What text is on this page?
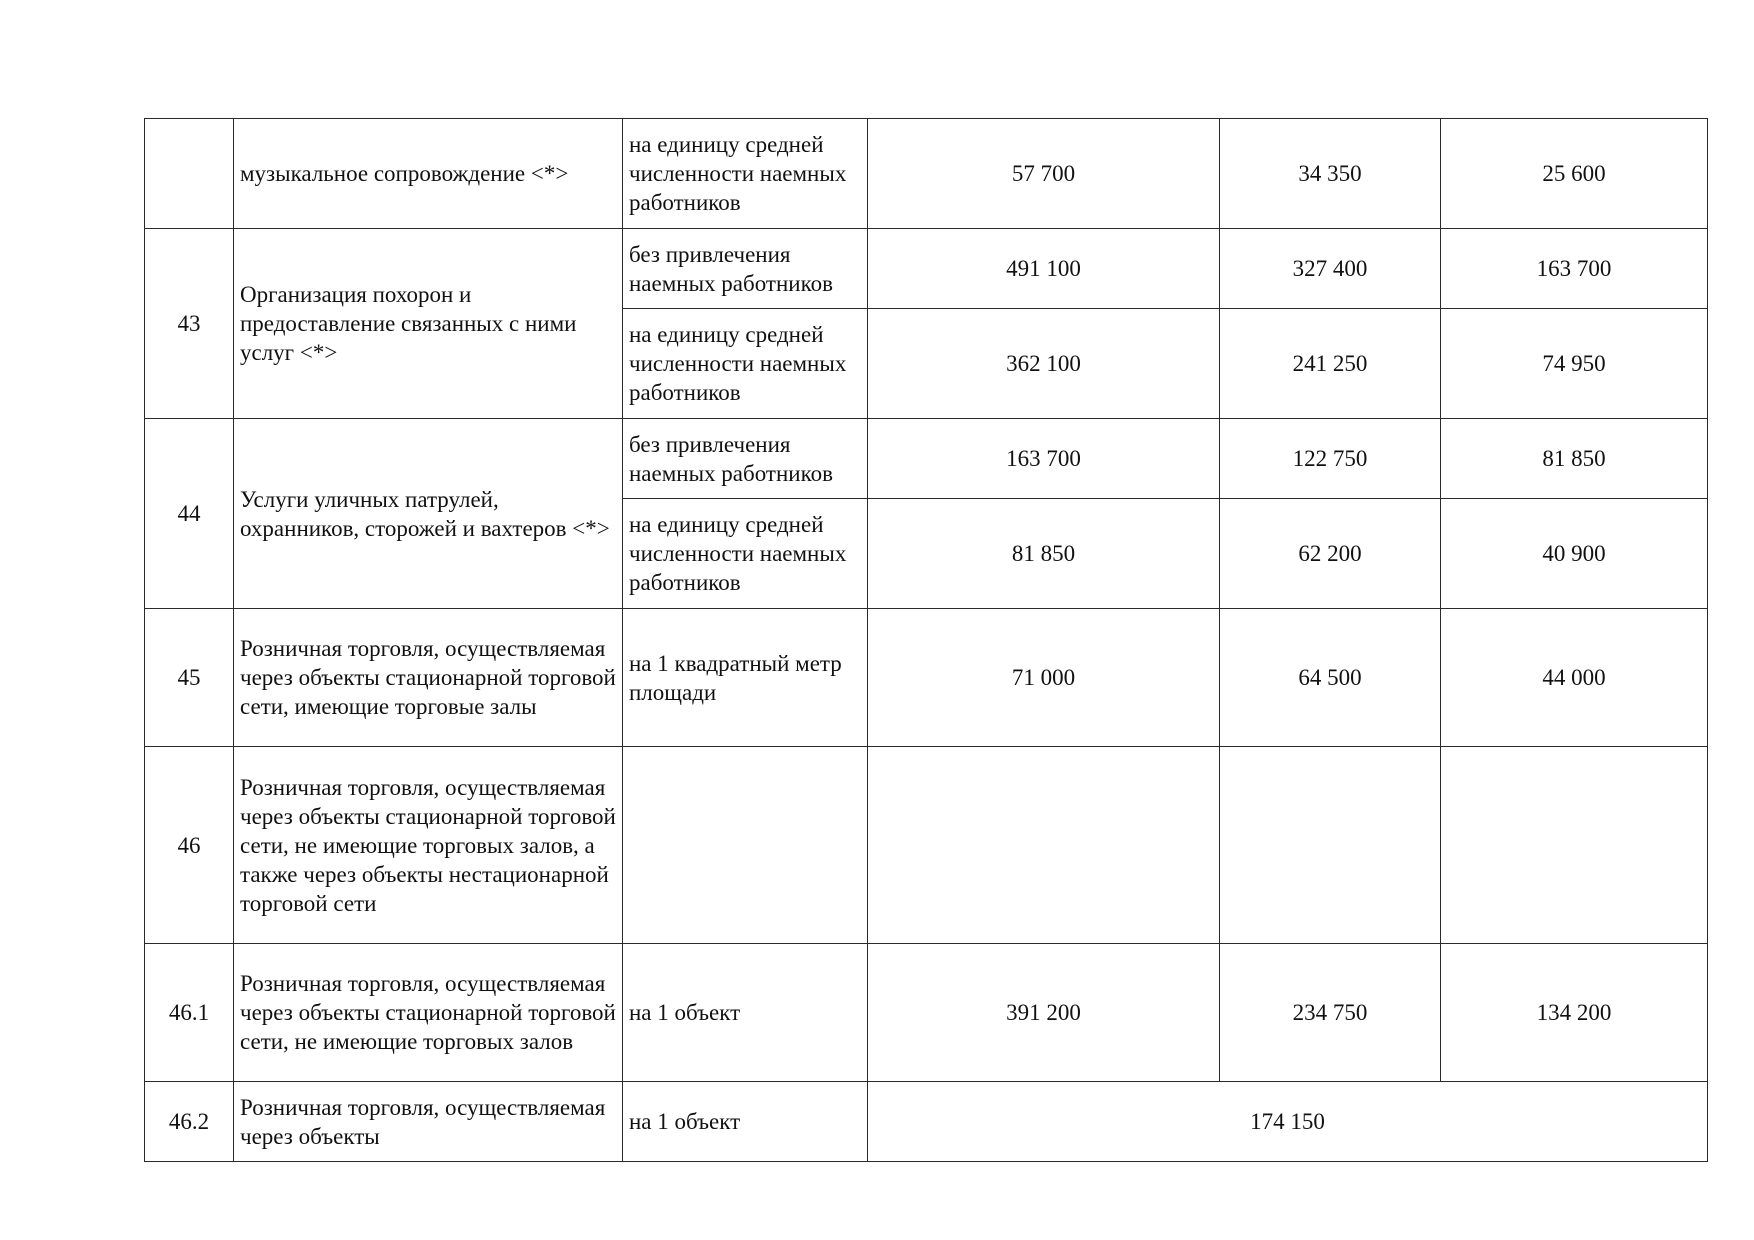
	музыкальное сопровождение <*>	на единицу средней численности наемных работников	57 700	34 350	25 600
43	Организация похорон и предоставление связанных с ними услуг <*>	без привлечения наемных работников	491 100	327 400	163 700
		на единицу средней численности наемных работников	362 100	241 250	74 950
44	Услуги уличных патрулей, охранников, сторожей и вахтеров <*>	без привлечения наемных работников	163 700	122 750	81 850
		на единицу средней численности наемных работников	81 850	62 200	40 900
45	Розничная торговля, осуществляемая через объекты стационарной торговой сети, имеющие торговые залы	на 1 квадратный метр площади	71 000	64 500	44 000
46	Розничная торговля, осуществляемая через объекты стационарной торговой сети, не имеющие торговых залов, а также через объекты нестационарной торговой сети				
46.1	Розничная торговля, осуществляемая через объекты стационарной торговой сети, не имеющие торговых залов	на 1 объект	391 200	234 750	134 200
46.2	Розничная торговля, осуществляемая через объекты	на 1 объект	174 150		
